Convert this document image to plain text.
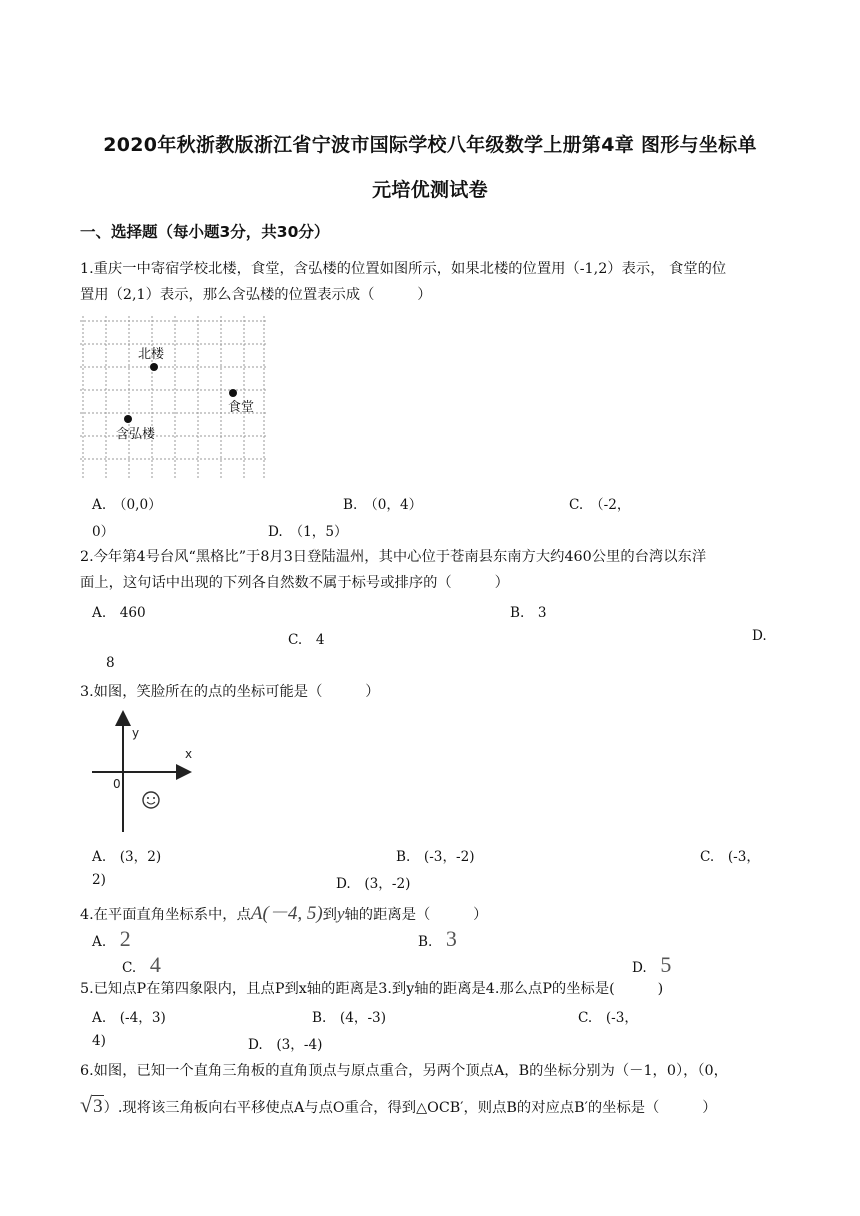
2020年秋浙教版浙江省宁波市国际学校八年级数学上册第4章 图形与坐标单
元培优测试卷
一、选择题（每小题3分，共30分）
1.重庆一中寄宿学校北楼，食堂，含弘楼的位置如图所示，如果北楼的位置用（-1,2）表示， 食堂的位
置用（2,1）表示，那么含弘楼的位置表示成（　　　）
北楼
食堂
含弘楼
A.　（0,0）	B.　（0，4）	C.　（-2，
0）	D.　（1，5）
2.今年第4号台风“黑格比”于8月3日登陆温州，其中心位于苍南县东南方大约460公里的台湾以东洋
面上，这句话中出现的下列各自然数不属于标号或排序的（　　　）
A.　460	B.　3
C.　4	D.
8
3.如图，笑脸所在的点的坐标可能是（　　　）
y
x
0
A.　(3，2)	B.　(-3，-2)	C.　(-3，
2)	D.　(3，-2)
4.在平面直角坐标系中，点A(－4, 5)到y轴的距离是（　　　）
A.　 2	B.　 3
C.　 4	D.　 5
5.已知点P在第四象限内，且点P到x轴的距离是3.到y轴的距离是4.那么点P的坐标是(　　　)
A.　(-4，3)	B.　(4，-3)	C.　(-3，
4)	D.　(3，-4)
6.如图，已知一个直角三角板的直角顶点与原点重合，另两个顶点A，B的坐标分别为（－1，0），（0，
√3）.现将该三角板向右平移使点A与点O重合，得到△OCB′，则点B的对应点B′的坐标是（　　　）
